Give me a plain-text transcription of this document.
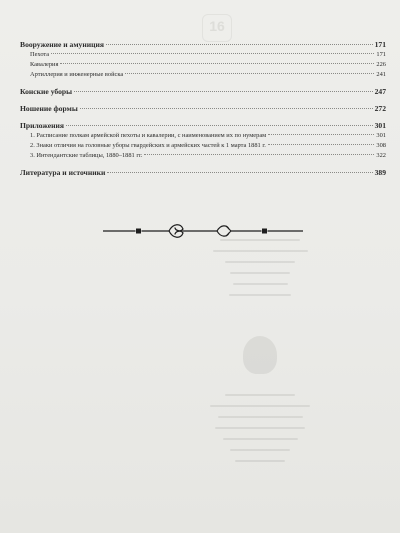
16
Вооружение и амуниция	171
Пехота	171
Кавалерия	226
Артиллерия и инженерные войска	241
Конские уборы	247
Ношение формы	272
Приложения	301
1. Расписание полкам армейской пехоты и кавалерии, с наименованием их по нумерам	301
2. Знаки отличия на головные уборы гвардейских и армейских частей к 1 марта 1881 г.	308
3. Интендантские таблицы, 1880–1881 гг.	322
Литература и источники	389
